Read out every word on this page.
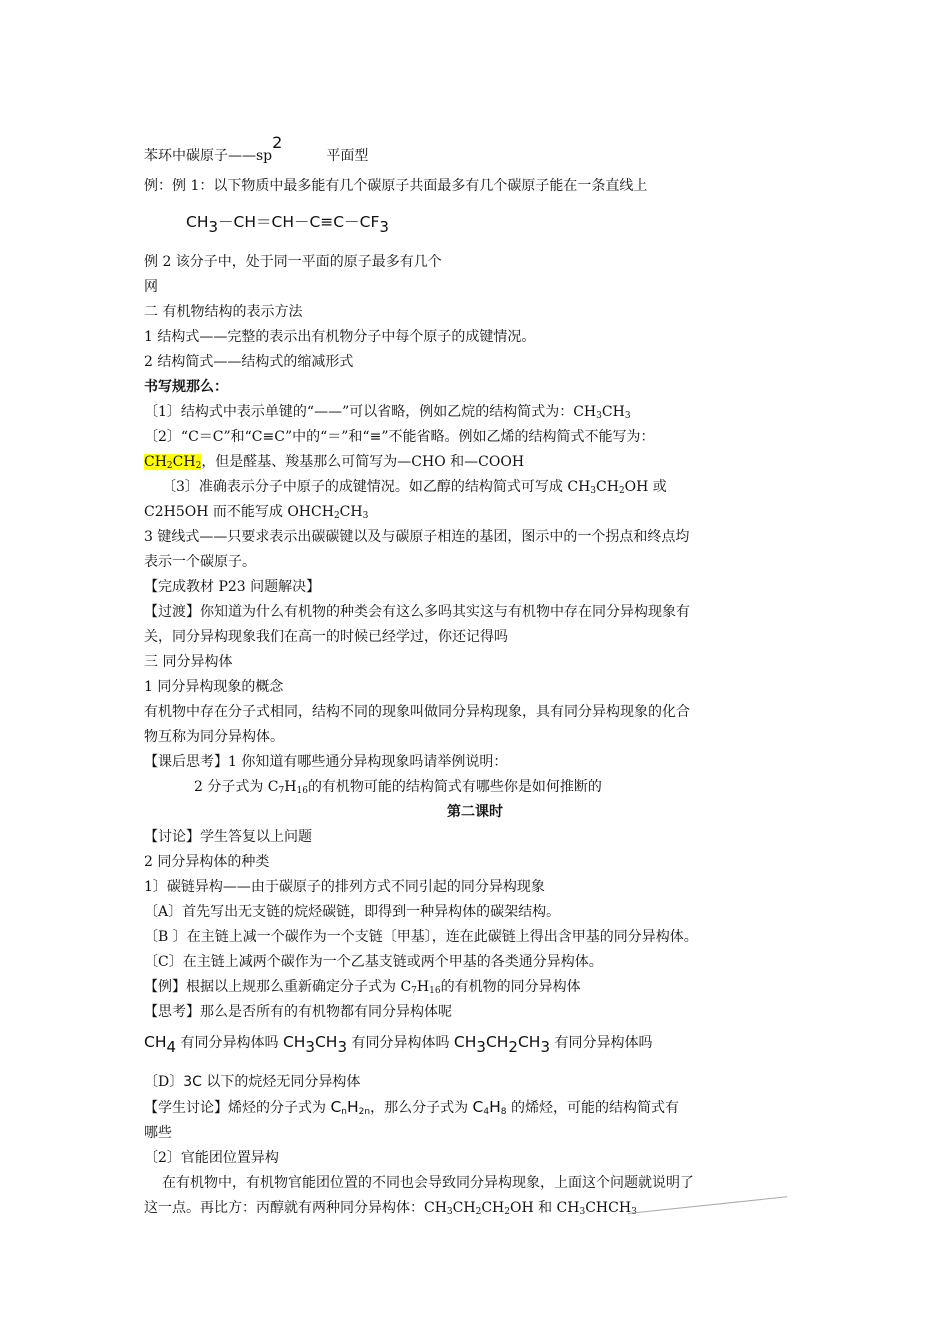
苯环中碳原子——sp2平面型
例：例 1：以下物质中最多能有几个碳原子共面最多有几个碳原子能在一条直线上
CH3－CH＝CH－C≡C－CF3
例 2 该分子中，处于同一平面的原子最多有几个
网
二 有机物结构的表示方法
1 结构式——完整的表示出有机物分子中每个原子的成键情况。
2 结构简式——结构式的缩减形式
书写规那么：
〔1〕结构式中表示单键的“——”可以省略，例如乙烷的结构简式为：$CH_3CH_3$
〔2〕“C＝C”和“C≡C”中的“＝”和“≡”不能省略。例如乙烯的结构简式不能写为：
$CH_2CH_2$，但是醛基、羧基那么可简写为—CHO 和—COOH
〔3〕准确表示分子中原子的成键情况。如乙醇的结构简式可写成 $CH_3CH_2OH$ 或
C2H5OH 而不能写成 $OHCH_2CH_3$
3 键线式——只要求表示出碳碳键以及与碳原子相连的基团，图示中的一个拐点和终点均
表示一个碳原子。
【完成教材 P23 问题解决】
【过渡】你知道为什么有机物的种类会有这么多吗其实这与有机物中存在同分异构现象有
关，同分异构现象我们在高一的时候已经学过，你还记得吗
三 同分异构体
1 同分异构现象的概念
有机物中存在分子式相同，结构不同的现象叫做同分异构现象，具有同分异构现象的化合
物互称为同分异构体。
【课后思考】1 你知道有哪些通分异构现象吗请举例说明：
2 分子式为 $C_7H_{16}$的有机物可能的结构简式有哪些你是如何推断的
第二课时
【讨论】学生答复以上问题
2 同分异构体的种类
1〕碳链异构——由于碳原子的排列方式不同引起的同分异构现象
〔A〕首先写出无支链的烷烃碳链，即得到一种异构体的碳架结构。
〔B 〕在主链上减一个碳作为一个支链〔甲基〕，连在此碳链上得出含甲基的同分异构体。
〔C〕在主链上减两个碳作为一个乙基支链或两个甲基的各类通分异构体。
【例】根据以上规那么重新确定分子式为 $C_7H_{16}$的有机物的同分异构体
【思考】那么是否所有的有机物都有同分异构体呢
CH4 有同分异构体吗 CH3CH3 有同分异构体吗 CH3CH2CH3 有同分异构体吗
〔D〕3C 以下的烷烃无同分异构体
【学生讨论】烯烃的分子式为 $C_nH_{2n}$，那么分子式为 $C_4H_8$ 的烯烃，可能的结构简式有
哪些
〔2〕官能团位置异构
在有机物中，有机物官能团位置的不同也会导致同分异构现象，上面这个问题就说明了
这一点。再比方：丙醇就有两种同分异构体：$CH_3CH_2CH_2OH$ 和 $CH_3CHCH$
